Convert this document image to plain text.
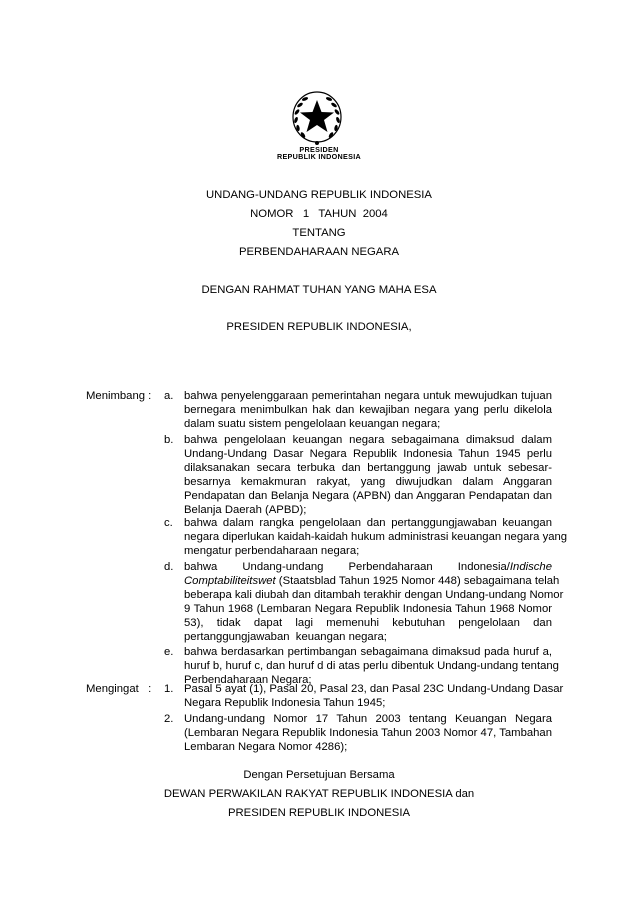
PRESIDEN
REPUBLIK INDONESIA
UNDANG-UNDANG REPUBLIK INDONESIA
NOMOR   1   TAHUN  2004
TENTANG
PERBENDAHARAAN NEGARA
DENGAN RAHMAT TUHAN YANG MAHA ESA
PRESIDEN REPUBLIK INDONESIA,
Menimbang : a. bahwa penyelenggaraan pemerintahan negara untuk mewujudkan tujuan
bernegara menimbulkan hak dan kewajiban negara yang perlu dikelola
dalam suatu sistem pengelolaan keuangan negara;
b. bahwa pengelolaan keuangan negara sebagaimana dimaksud dalam
Undang-Undang Dasar Negara Republik Indonesia Tahun 1945 perlu
dilaksanakan secara terbuka dan bertanggung jawab untuk sebesar-
besarnya kemakmuran rakyat, yang diwujudkan dalam Anggaran
Pendapatan dan Belanja Negara (APBN) dan Anggaran Pendapatan dan
Belanja Daerah (APBD);
c. bahwa dalam rangka pengelolaan dan pertanggungjawaban keuangan
negara diperlukan kaidah-kaidah hukum administrasi keuangan negara yang
mengatur perbendaharaan negara;
d. bahwa Undang-undang Perbendaharaan Indonesia/Indische
Comptabiliteitswet (Staatsblad Tahun 1925 Nomor 448) sebagaimana telah
beberapa kali diubah dan ditambah terakhir dengan Undang-undang Nomor
9 Tahun 1968 (Lembaran Negara Republik Indonesia Tahun 1968 Nomor
53), tidak dapat lagi memenuhi kebutuhan pengelolaan dan
pertanggungjawaban  keuangan negara;
e. bahwa berdasarkan pertimbangan sebagaimana dimaksud pada huruf a,
huruf b, huruf c, dan huruf d di atas perlu dibentuk Undang-undang tentang
Perbendaharaan Negara;
Mengingat   : 1. Pasal 5 ayat (1), Pasal 20, Pasal 23, dan Pasal 23C Undang-Undang Dasar
Negara Republik Indonesia Tahun 1945;
2. Undang-undang Nomor 17 Tahun 2003 tentang Keuangan Negara
(Lembaran Negara Republik Indonesia Tahun 2003 Nomor 47, Tambahan
Lembaran Negara Nomor 4286);
Dengan Persetujuan Bersama
DEWAN PERWAKILAN RAKYAT REPUBLIK INDONESIA dan
PRESIDEN REPUBLIK INDONESIA
